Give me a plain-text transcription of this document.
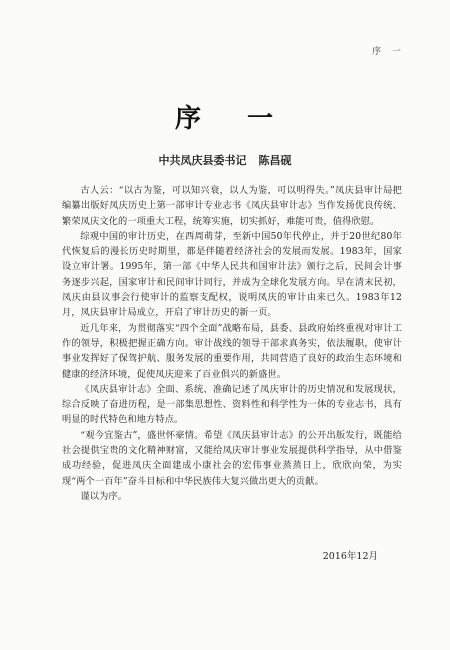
序　一
序 一
中共凤庆县委书记 陈昌砚

古人云：“以古为鉴，可以知兴衰，以人为鉴，可以明得失。”凤庆县审计局把编纂出版好凤庆历史上第一部审计专业志书《凤庆县审计志》当作发扬优良传统、繁荣凤庆文化的一项重大工程，统筹实施，切实抓好，难能可贵，值得欣慰。

综观中国的审计历史，在西周萌芽，至新中国50年代停止，并于20世纪80年代恢复后的漫长历史时期里，都是伴随着经济社会的发展而发展。1983年，国家设立审计署。1995年，第一部《中华人民共和国审计法》颁行之后，民间会计事务逐步兴起，国家审计和民间审计同行，并成为全球化发展方向。早在清末民初，凤庆由县议事会行使审计的监察支配权，说明凤庆的审计由来已久。1983年12月，凤庆县审计局成立，开启了审计历史的新一页。

近几年来，为贯彻落实“四个全面”战略布局，县委、县政府始终重视对审计工作的领导，积极把握正确方向。审计战线的领导干部求真务实，依法履职，使审计事业发挥好了保驾护航、服务发展的重要作用，共同营造了良好的政治生态环境和健康的经济环境，促使凤庆迎来了百业俱兴的新盛世。

《凤庆县审计志》全面、系统、准确记述了凤庆审计的历史情况和发展现状，综合反映了奋进历程，是一部集思想性、资料性和科学性为一体的专业志书，具有明显的时代特色和地方特点。

“观今宜鉴古”，盛世怀豪情。希望《凤庆县审计志》的公开出版发行，既能给社会提供宝贵的文化精神财富，又能给凤庆审计事业发展提供科学指导，从中借鉴成功经验，促进凤庆全面建成小康社会的宏伟事业蒸蒸日上，欣欣向荣，为实现“两个一百年”奋斗目标和中华民族伟大复兴做出更大的贡献。

谨以为序。

2016年12月
